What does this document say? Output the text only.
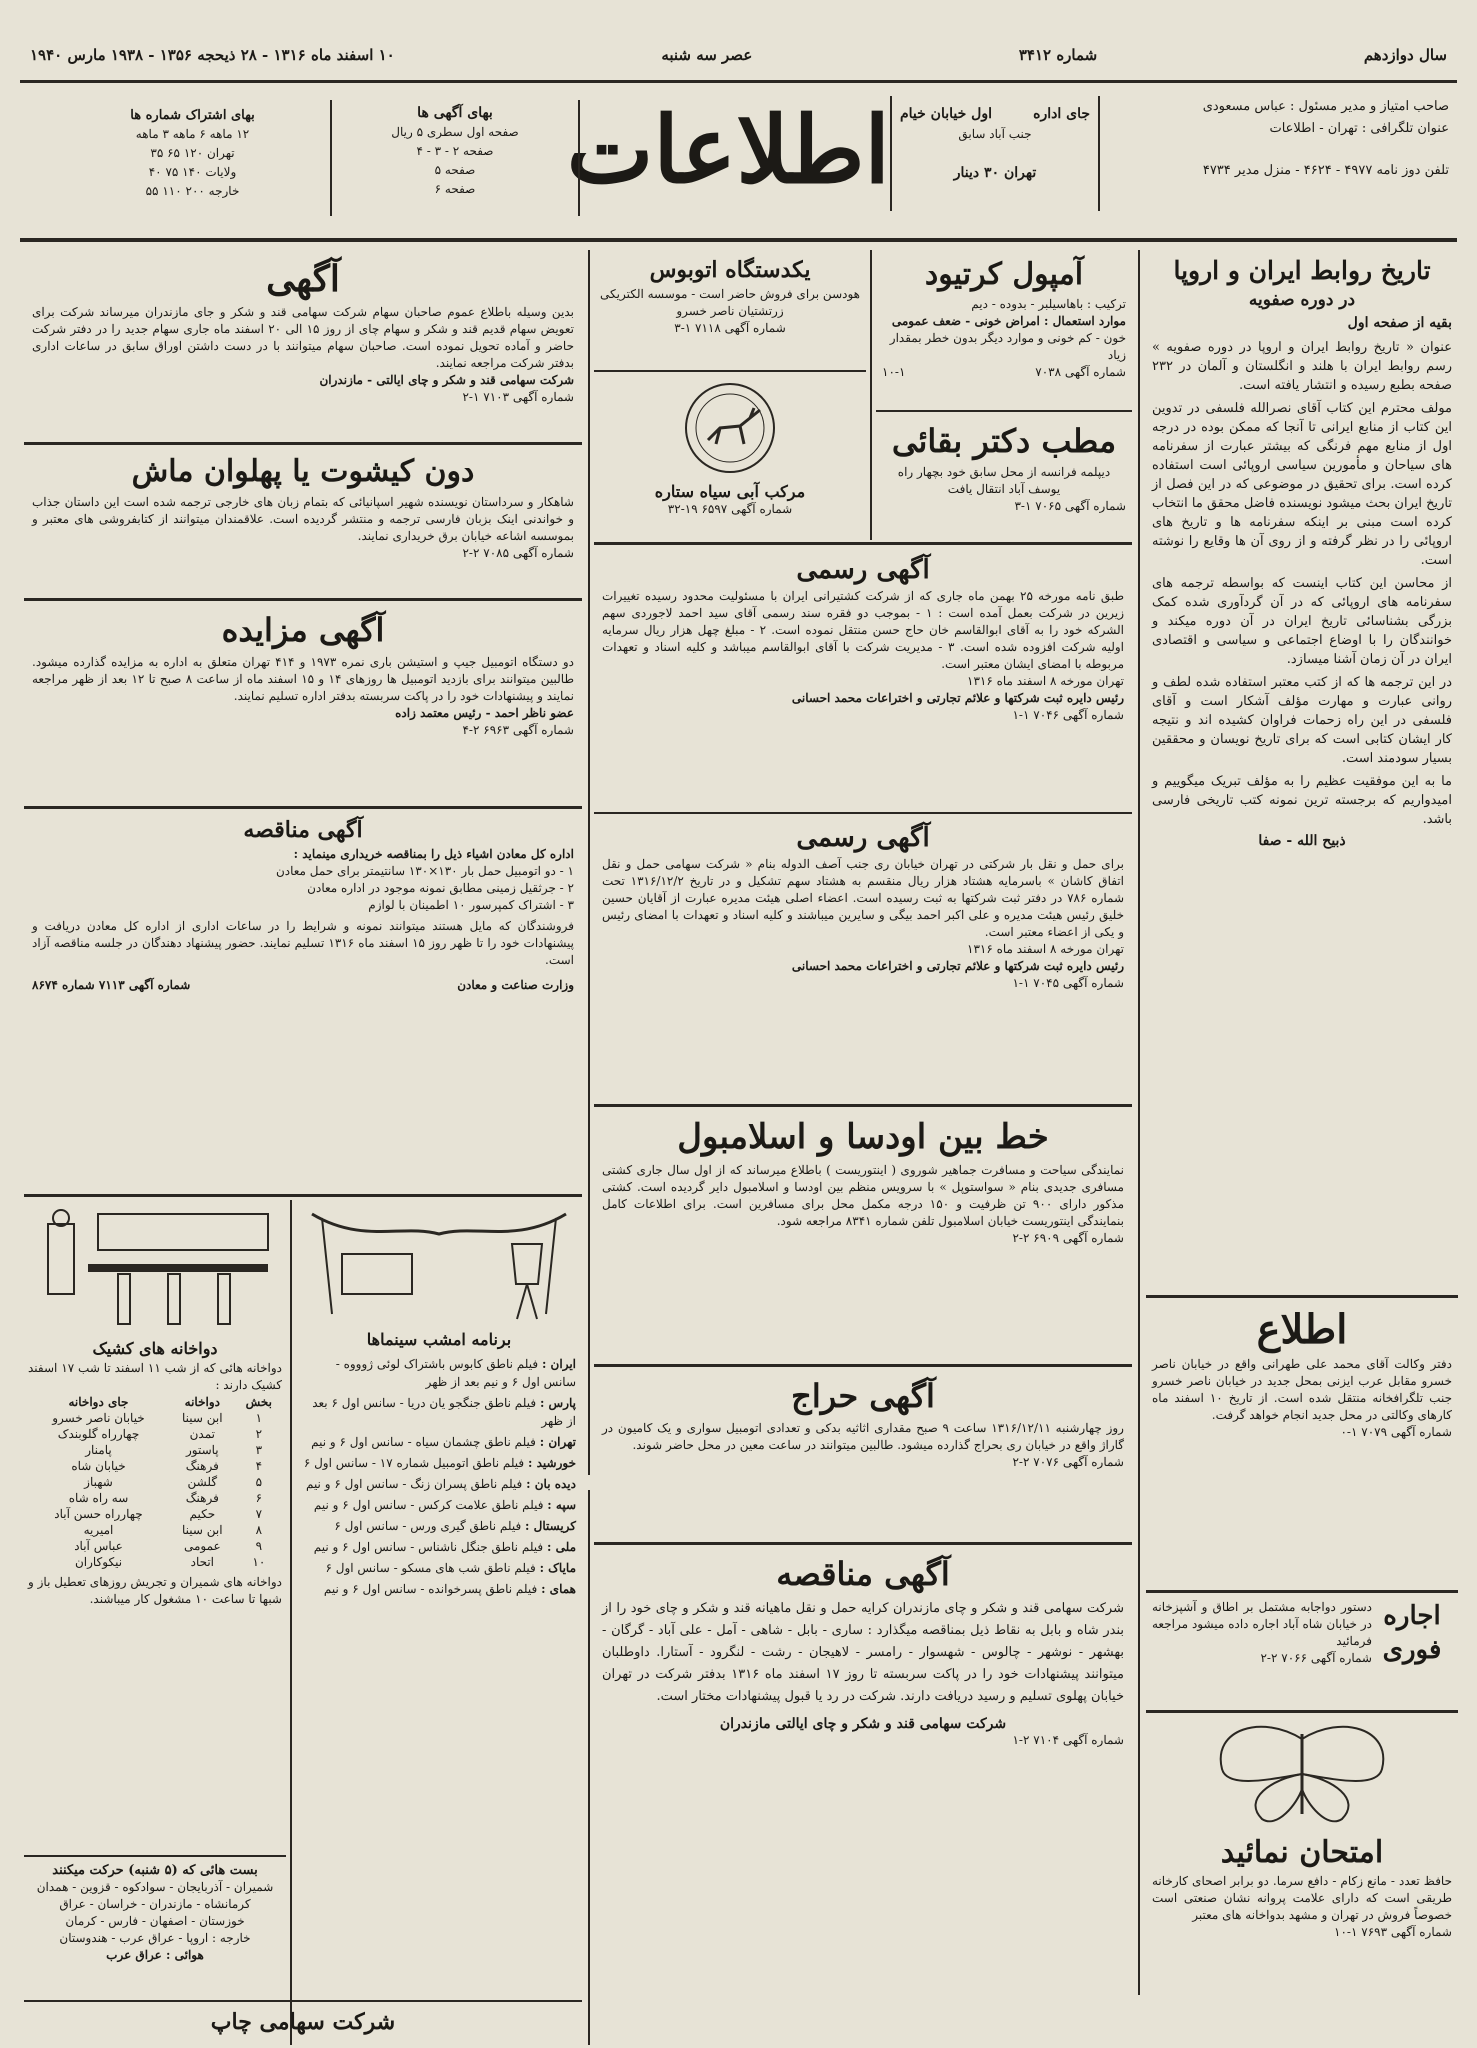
سال دوازدهم
شماره ۳۴۱۲
عصر سه شنبه
۱۰ اسفند ماه ۱۳۱۶ - ۲۸ ذیحجه ۱۳۵۶ - ۱۹۳۸ مارس ۱۹۴۰
صاحب امتیاز و مدیر مسئول : عباس مسعودی
عنوان تلگرافی : تهران - اطلاعات
تلفن دوز نامه ۴۹۷۷ - ۴۶۲۴ - منزل مدیر ۴۷۳۴
جای اداره
اول خیابان خیام
جنب آباد سابق
تهران ۳۰ دینار
اطلاعات
بهای آگهی ها
صفحه اول سطری ۵ ریال
صفحه ۲ - ۳ - ۴
صفحه ۵
صفحه ۶
بهای اشتراک شماره ها
۱۲ ماهه ۶ ماهه ۳ ماهه
تهران ۱۲۰ ۶۵ ۳۵
ولایات ۱۴۰ ۷۵ ۴۰
خارجه ۲۰۰ ۱۱۰ ۵۵
تاریخ روابط ایران و اروپا
در دوره صفویه
بقیه از صفحه اول

عنوان « تاریخ روابط ایران و اروپا در دوره صفویه » رسم روابط ایران با هلند و انگلستان و آلمان در ۲۳۲ صفحه بطبع رسیده و انتشار یافته است.

مولف محترم این کتاب آقای نصرالله فلسفی در تدوین این کتاب از منابع ایرانی تا آنجا که ممکن بوده در درجه اول از منابع مهم فرنگی که بیشتر عبارت از سفرنامه های سیاحان و مأمورین سیاسی اروپائی است استفاده کرده است. برای تحقیق در موضوعی که در این فصل از تاریخ ایران بحث میشود نویسنده فاضل محقق ما انتخاب کرده است مبنی بر اینکه سفرنامه ها و تاریخ های اروپائی را در نظر گرفته و از روی آن ها وقایع را نوشته است.

از محاسن این کتاب اینست که بواسطه ترجمه های سفرنامه های اروپائی که در آن گردآوری شده کمک بزرگی بشناسائی تاریخ ایران در آن دوره میکند و خوانندگان را با اوضاع اجتماعی و سیاسی و اقتصادی ایران در آن زمان آشنا میسازد.

در این ترجمه ها که از کتب معتبر استفاده شده لطف و روانی عبارت و مهارت مؤلف آشکار است و آقای فلسفی در این راه زحمات فراوان کشیده اند و نتیجه کار ایشان کتابی است که برای تاریخ نویسان و محققین بسیار سودمند است.

ما به این موفقیت عظیم را به مؤلف تبریک میگوییم و امیدواریم که برجسته ترین نمونه کتب تاریخی فارسی باشد.

ذبیح الله - صفا
اطلاع
دفتر وکالت آقای محمد علی طهرانی واقع در خیابان ناصر خسرو مقابل عرب ایزنی بمحل جدید در خیابان ناصر خسرو جنب تلگرافخانه منتقل شده است. از تاریخ ۱۰ اسفند ماه کارهای وکالتی در محل جدید انجام خواهد گرفت.
شماره آگهی ۷۰۷۹ ۱-۰
اجاره فوری
دستور دواجابه مشتمل بر اطاق و آشپزخانه در خیابان شاه آباد اجاره داده میشود مراجعه فرمائید
شماره آگهی ۷۰۶۶ ۲-۲
امتحان نمائید
حافظ تعدد - مانع زکام - دافع سرما. دو برابر اصحای کارخانه طریقی است که دارای علامت پروانه نشان صنعتی است خصوصاً فروش در تهران و مشهد بدواخانه های معتبر
شماره آگهی ۷۶۹۳ ۱-۱۰
آمپول کرتیود
ترکیب : باهاسیلبر - بدوده - دیم
موارد استعمال : امراض خونی - ضعف عمومی
خون - کم خونی و موارد دیگر بدون خطر بمقدار زیاد
شماره آگهی ۷۰۳۸
۱۰-۱
مطب دکتر بقائی
دیپلمه فرانسه از محل سابق خود بچهار راه یوسف آباد انتقال یافت
شماره آگهی ۷۰۶۵ ۱-۳
یکدستگاه اتوبوس
هودسن برای فروش حاضر است - موسسه الکتریکی
زرتشتیان ناصر خسرو
شماره آگهی ۷۱۱۸ ۱-۳
مرکب آبی سیاه ستاره
شماره آگهی ۶۵۹۷ ۱۹-۳۲
آگهی رسمی
طبق نامه مورخه ۲۵ بهمن ماه جاری که از شرکت کشتیرانی ایران با مسئولیت محدود رسیده تغییرات زیرین در شرکت بعمل آمده است : ۱ - بموجب دو فقره سند رسمی آقای سید احمد لاجوردی سهم الشرکه خود را به آقای ابوالقاسم خان حاج حسن منتقل نموده است. ۲ - مبلغ چهل هزار ریال سرمایه اولیه شرکت افزوده شده است. ۳ - مدیریت شرکت با آقای ابوالقاسم میباشد و کلیه اسناد و تعهدات مربوطه با امضای ایشان معتبر است.
تهران مورخه ۸ اسفند ماه ۱۳۱۶
رئیس دایره ثبت شرکتها و علائم تجارتی و اختراعات محمد احسانی
شماره آگهی ۷۰۴۶ ۱-۱
آگهی رسمی
برای حمل و نقل بار شرکتی در تهران خیابان ری جنب آصف الدوله بنام « شرکت سهامی حمل و نقل اتفاق کاشان » باسرمایه هشتاد هزار ریال منقسم به هشتاد سهم تشکیل و در تاریخ ۱۳۱۶/۱۲/۲ تحت شماره ۷۸۶ در دفتر ثبت شرکتها به ثبت رسیده است. اعضاء اصلی هیئت مدیره عبارت از آقایان حسین خلیق رئیس هیئت مدیره و علی اکبر احمد بیگی و سایرین میباشند و کلیه اسناد و تعهدات با امضای رئیس و یکی از اعضاء معتبر است.
تهران مورخه ۸ اسفند ماه ۱۳۱۶
رئیس دایره ثبت شرکتها و علائم تجارتی و اختراعات محمد احسانی
شماره آگهی ۷۰۴۵ ۱-۱
خط بین اودسا و اسلامبول
نمایندگی سیاحت و مسافرت جماهیر شوروی ( اینتوریست ) باطلاع میرساند که از اول سال جاری کشتی مسافری جدیدی بنام « سواستوپل » با سرویس منظم بین اودسا و اسلامبول دایر گردیده است. کشتی مذکور دارای ۹۰۰ تن ظرفیت و ۱۵۰ درجه مکمل محل برای مسافرین است. برای اطلاعات کامل بنمایندگی اینتوریست خیابان اسلامبول تلفن شماره ۸۳۴۱ مراجعه شود.
شماره آگهی ۶۹۰۹ ۲-۲
آگهی حراج
روز چهارشنبه ۱۳۱۶/۱۲/۱۱ ساعت ۹ صبح مقداری اثاثیه بدکی و تعدادی اتومبیل سواری و یک کامیون در گاراژ واقع در خیابان ری بحراج گذارده میشود. طالبین میتوانند در ساعت معین در محل حاضر شوند.
شماره آگهی ۷۰۷۶ ۲-۲
آگهی مناقصه
شرکت سهامی قند و شکر و چای مازندران کرایه حمل و نقل ماهیانه قند و شکر و چای خود را از بندر شاه و بابل به نقاط ذیل بمناقصه میگذارد : ساری - بابل - شاهی - آمل - علی آباد - گرگان - بهشهر - نوشهر - چالوس - شهسوار - رامسر - لاهیجان - رشت - لنگرود - آستارا. داوطلبان میتوانند پیشنهادات خود را در پاکت سربسته تا روز ۱۷ اسفند ماه ۱۳۱۶ بدفتر شرکت در تهران خیابان پهلوی تسلیم و رسید دریافت دارند. شرکت در رد یا قبول پیشنهادات مختار است.
شرکت سهامی قند و شکر و چای ایالتی مازندران
شماره آگهی ۷۱۰۴ ۲-۱
آگهی
بدین وسیله باطلاع عموم صاحبان سهام شرکت سهامی قند و شکر و جای مازندران میرساند شرکت برای تعویض سهام قدیم قند و شکر و سهام چای از روز ۱۵ الی ۲۰ اسفند ماه جاری سهام جدید را در دفتر شرکت حاضر و آماده تحویل نموده است. صاحبان سهام میتوانند با در دست داشتن اوراق سابق در ساعات اداری بدفتر شرکت مراجعه نمایند.
شرکت سهامی قند و شکر و چای ایالتی - مازندران
شماره آگهی ۷۱۰۳ ۱-۲
دون کیشوت یا پهلوان ماش
شاهکار و سرداستان نویسنده شهیر اسپانیائی که بتمام زبان های خارجی ترجمه شده است این داستان جذاب و خواندنی اینک بزبان فارسی ترجمه و منتشر گردیده است. علاقمندان میتوانند از کتابفروشی های معتبر و بموسسه اشاعه خیابان برق خریداری نمایند.
شماره آگهی ۷۰۸۵ ۲-۲
آگهی مزایده
دو دستگاه اتومبیل جیپ و استیشن باری نمره ۱۹۷۳ و ۴۱۴ تهران متعلق به اداره به مزایده گذارده میشود. طالبین میتوانند برای بازدید اتومبیل ها روزهای ۱۴ و ۱۵ اسفند ماه از ساعت ۸ صبح تا ۱۲ بعد از ظهر مراجعه نمایند و پیشنهادات خود را در پاکت سربسته بدفتر اداره تسلیم نمایند.
عضو ناظر احمد - رئیس معتمد زاده
شماره آگهی ۶۹۶۳ ۲-۴
آگهی مناقصه
اداره کل معادن اشیاء ذیل را بمناقصه خریداری مینماید :
۱ - دو اتومبیل حمل بار ۱۳۰×۱۳۰ سانتیمتر برای حمل معادن
۲ - جرثقیل زمینی مطابق نمونه موجود در اداره معادن
۳ - اشتراک کمپرسور ۱۰ اطمینان با لوازم
فروشندگان که مایل هستند میتوانند نمونه و شرایط را در ساعات اداری از اداره کل معادن دریافت و پیشنهادات خود را تا ظهر روز ۱۵ اسفند ماه ۱۳۱۶ تسلیم نمایند. حضور پیشنهاد دهندگان در جلسه مناقصه آزاد است.
وزارت صناعت و معادن
شماره آگهی ۷۱۱۳ شماره ۸۶۷۴
دواخانه های کشیک
دواخانه هائی که از شب ۱۱ اسفند تا شب ۱۷ اسفند کشیک دارند :
بخش	دواخانه	جای دواخانه
۱	ابن سینا	خیابان ناصر خسرو
۲	تمدن	چهارراه گلوبندک
۳	پاستور	پامنار
۴	فرهنگ	خیابان شاه
۵	گلشن	شهباز
۶	فرهنگ	سه راه شاه
۷	حکیم	چهارراه حسن آباد
۸	ابن سینا	امیریه
۹	عمومی	عباس آباد
۱۰	اتحاد	نیکوکاران
دواخانه های شمیران و تجریش روزهای تعطیل باز و شبها تا ساعت ۱۰ مشغول کار میباشند.
بست هائی که (۵ شنبه) حرکت میکنند
شمیران - آذربایجان - سوادکوه - قزوین - همدان
کرمانشاه - مازندران - خراسان - عراق
خوزستان - اصفهان - فارس - کرمان
خارجه : اروپا - عراق عرب - هندوستان
هوائی : عراق عرب
برنامه امشب سینماها
ایران : فیلم ناطق کابوس باشتراک لوئی ژوووه - سانس اول ۶ و نیم بعد از ظهر
پارس : فیلم ناطق جنگجو یان دریا - سانس اول ۶ بعد از ظهر
تهران : فیلم ناطق چشمان سیاه - سانس اول ۶ و نیم
خورشید : فیلم ناطق اتومبیل شماره ۱۷ - سانس اول ۶
دیده بان : فیلم ناطق پسران زنگ - سانس اول ۶ و نیم
سپه : فیلم ناطق علامت کرکس - سانس اول ۶ و نیم
کریستال : فیلم ناطق گیری ورس - سانس اول ۶
ملی : فیلم ناطق جنگل ناشناس - سانس اول ۶ و نیم
مایاک : فیلم ناطق شب های مسکو - سانس اول ۶
همای : فیلم ناطق پسرخوانده - سانس اول ۶ و نیم
شرکت سهامی چاپ
